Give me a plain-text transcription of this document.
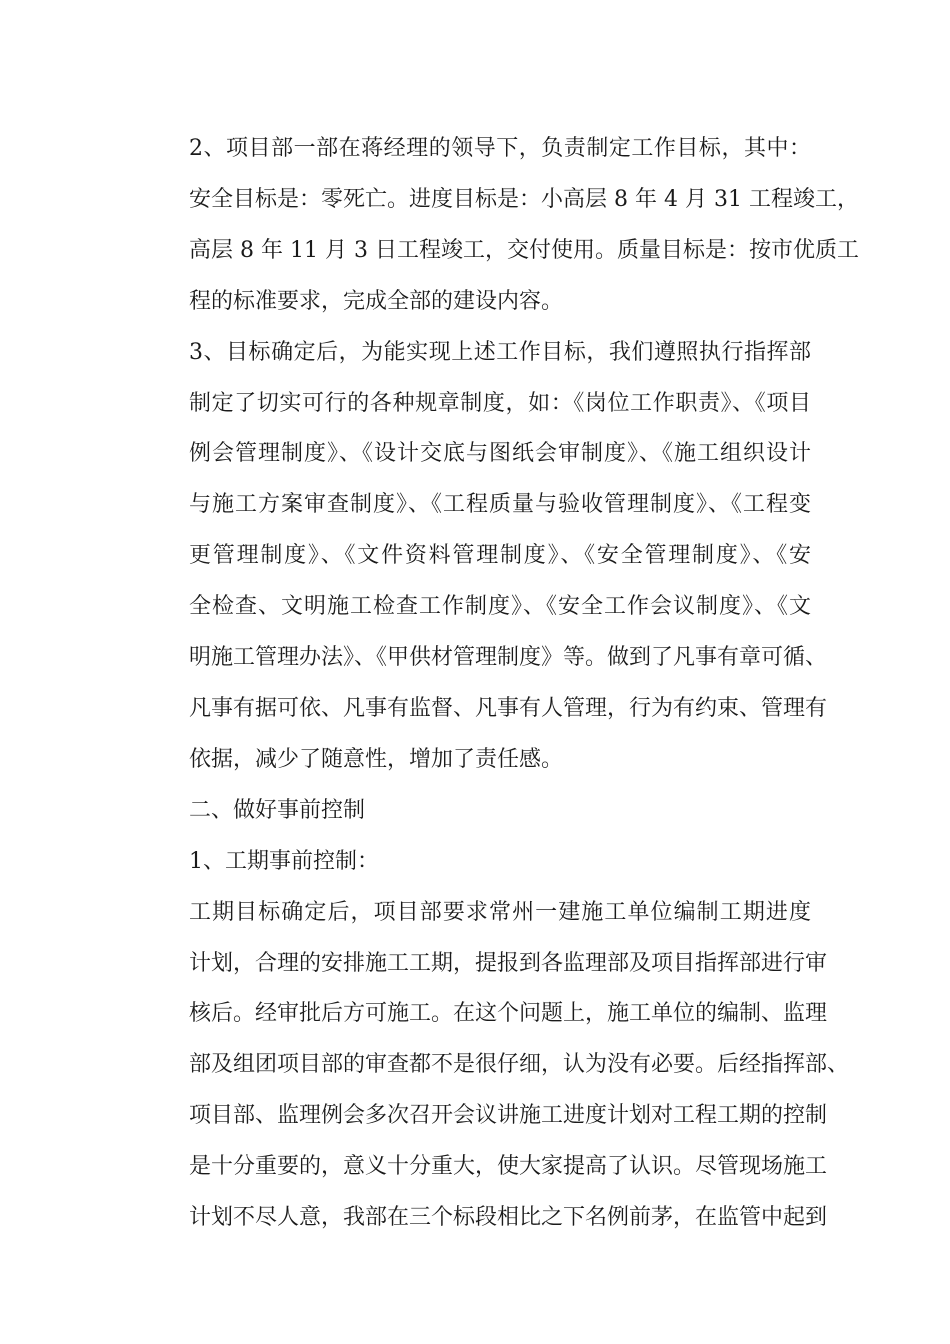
2、项目部一部在蒋经理的领导下，负责制定工作目标，其中：
安全目标是：零死亡。进度目标是：小高层 8 年 4 月 31 工程竣工，
高层 8 年 11 月 3 日工程竣工，交付使用。质量目标是：按市优质工
程的标准要求，完成全部的建设内容。

3、目标确定后，为能实现上述工作目标，我们遵照执行指挥部
制定了切实可行的各种规章制度，如：《岗位工作职责》、《项目
例会管理制度》、《设计交底与图纸会审制度》、《施工组织设计
与施工方案审查制度》、《工程质量与验收管理制度》、《工程变
更管理制度》、《文件资料管理制度》、《安全管理制度》、《安
全检查、文明施工检查工作制度》、《安全工作会议制度》、《文
明施工管理办法》、《甲供材管理制度》等。做到了凡事有章可循、
凡事有据可依、凡事有监督、凡事有人管理，行为有约束、管理有
依据，减少了随意性，增加了责任感。

二、做好事前控制

1、工期事前控制：

工期目标确定后，项目部要求常州一建施工单位编制工期进度
计划，合理的安排施工工期，提报到各监理部及项目指挥部进行审
核后。经审批后方可施工。在这个问题上，施工单位的编制、监理
部及组团项目部的审查都不是很仔细，认为没有必要。后经指挥部、
项目部、监理例会多次召开会议讲施工进度计划对工程工期的控制
是十分重要的，意义十分重大，使大家提高了认识。尽管现场施工
计划不尽人意，我部在三个标段相比之下名例前茅，在监管中起到
